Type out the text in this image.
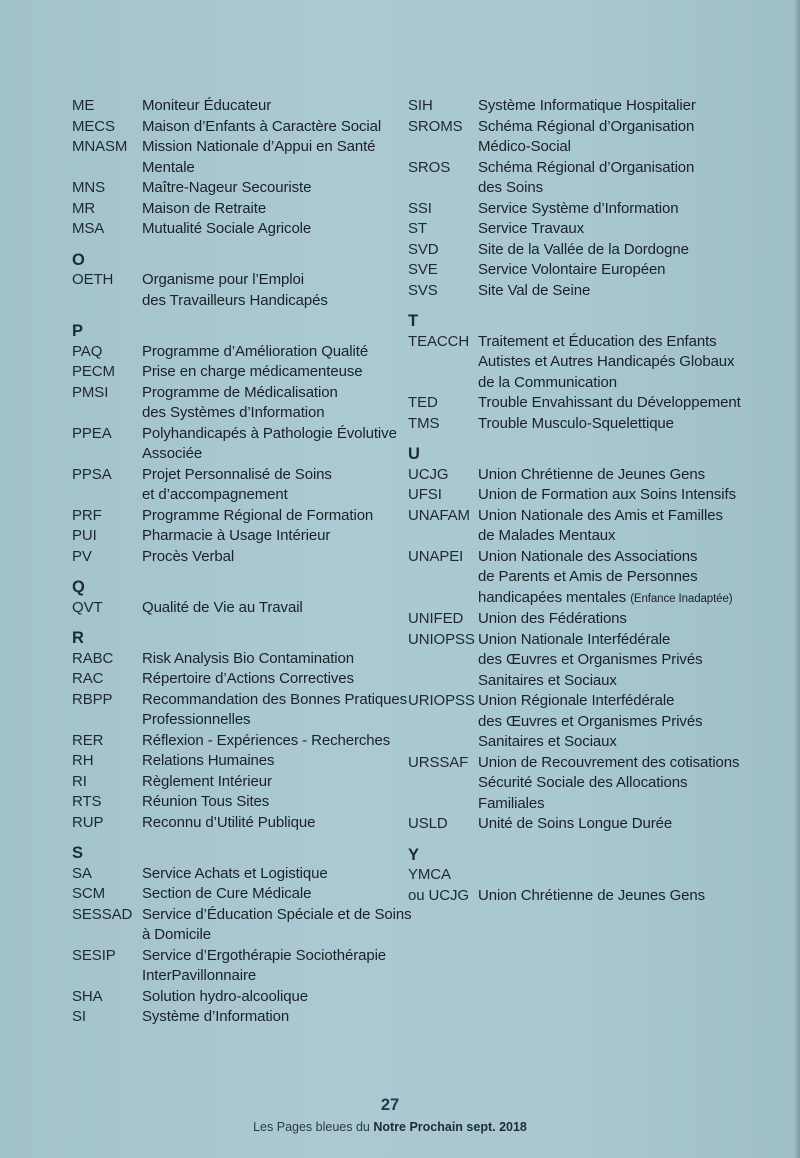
ME	Moniteur Éducateur
MECS	Maison d’Enfants à Caractère Social
MNASM Mission Nationale d’Appui en Santé
Mentale
MNS	Maître-Nageur Secouriste
MR	Maison de Retraite
MSA	Mutualité Sociale Agricole
O
OETH	Organisme pour l’Emploi
des Travailleurs Handicapés
P
PAQ	Programme d’Amélioration Qualité
PECM	Prise en charge médicamenteuse
PMSI	Programme de Médicalisation
des Systèmes d’Information
PPEA	Polyhandicapés à Pathologie Évolutive
Associée
PPSA	Projet Personnalisé de Soins
et d’accompagnement
PRF	Programme Régional de Formation
PUI	Pharmacie à Usage Intérieur
PV	Procès Verbal
Q
QVT	Qualité de Vie au Travail
R
RABC	Risk Analysis Bio Contamination
RAC	Répertoire d’Actions Correctives
RBPP	Recommandation des Bonnes Pratiques
Professionnelles
RER	Réflexion - Expériences - Recherches
RH	Relations Humaines
RI	Règlement Intérieur
RTS	Réunion Tous Sites
RUP	Reconnu d’Utilité Publique
S
SA	Service Achats et Logistique
SCM	Section de Cure Médicale
SESSAD Service d’Éducation Spéciale et de Soins
à Domicile
SESIP	Service d’Ergothérapie Sociothérapie
InterPavillonnaire
SHA	Solution hydro-alcoolique
SI	Système d’Information
SIH	Système Informatique Hospitalier
SROMS	Schéma Régional d’Organisation
Médico-Social
SROS	Schéma Régional d’Organisation
des Soins
SSI	Service Système d’Information
ST	Service Travaux
SVD	Site de la Vallée de la Dordogne
SVE	Service Volontaire Européen
SVS	Site Val de Seine
T
TEACCH Traitement et Éducation des Enfants
Autistes et Autres Handicapés Globaux
de la Communication
TED	Trouble Envahissant du Développement
TMS	Trouble Musculo-Squelettique
U
UCJG	Union Chrétienne de Jeunes Gens
UFSI	Union de Formation aux Soins Intensifs
UNAFAM Union Nationale des Amis et Familles
de Malades Mentaux
UNAPEI Union Nationale des Associations
de Parents et Amis de Personnes
handicapées mentales (Enfance Inadaptée)
UNIFED Union des Fédérations
UNIOPSS Union Nationale Interfédérale
des Œuvres et Organismes Privés
Sanitaires et Sociaux
URIOPSS Union Régionale Interfédérale
des Œuvres et Organismes Privés
Sanitaires et Sociaux
URSSAF Union de Recouvrement des cotisations
Sécurité Sociale des Allocations
Familiales
USLD	Unité de Soins Longue Durée
Y
YMCA

ou UCJG Union Chrétienne de Jeunes Gens
27
Les Pages bleues du Notre Prochain sept. 2018
